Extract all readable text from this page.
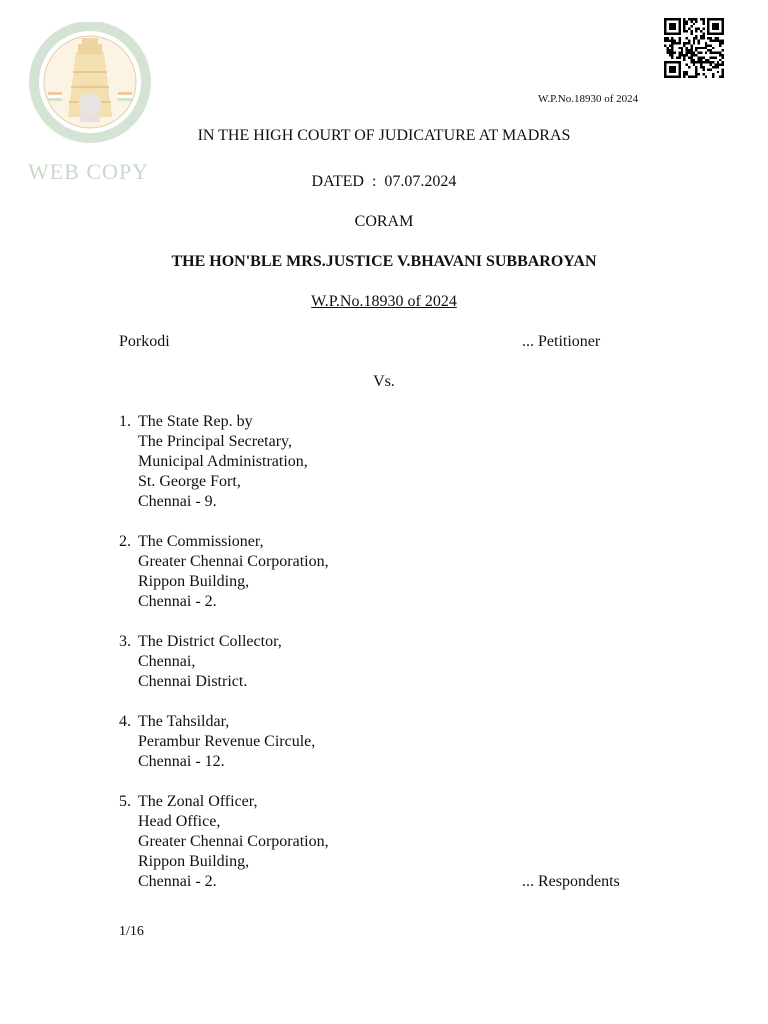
WEB COPY
W.P.No.18930 of 2024
IN THE HIGH COURT OF JUDICATURE AT MADRAS
DATED  :  07.07.2024
CORAM
THE HON'BLE MRS.JUSTICE V.BHAVANI SUBBAROYAN
W.P.No.18930 of 2024
Porkodi	... Petitioner
Vs.
1. The State Rep. by
The Principal Secretary,
Municipal Administration,
St. George Fort,
Chennai - 9.
2. The Commissioner,
Greater Chennai Corporation,
Rippon Building,
Chennai - 2.
3. The District Collector,
Chennai,
Chennai District.
4. The Tahsildar,
Perambur Revenue Circule,
Chennai - 12.
5. The Zonal Officer,
Head Office,
Greater Chennai Corporation,
Rippon Building,
Chennai - 2.	... Respondents
1/16
